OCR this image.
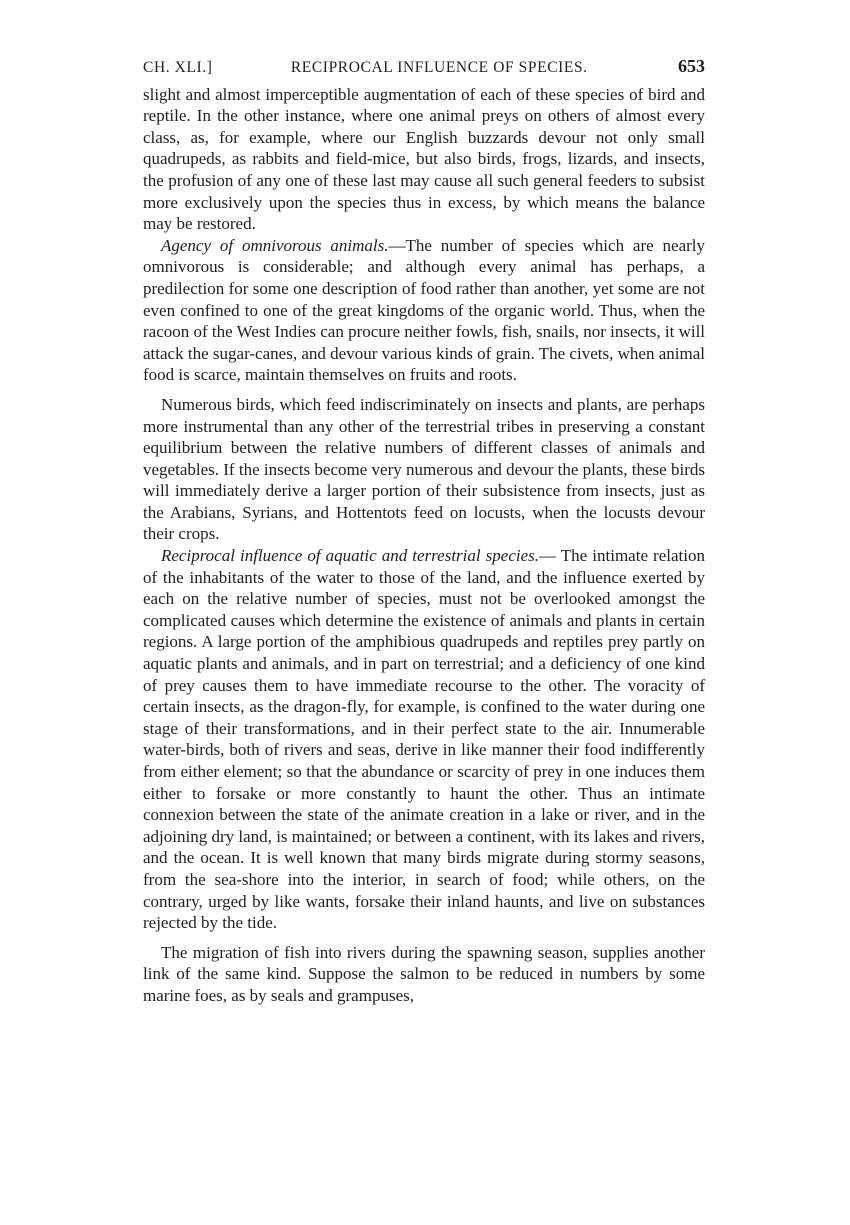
CH. XLI.]	RECIPROCAL INFLUENCE OF SPECIES.	653

slight and almost imperceptible augmentation of each of these species of bird and reptile. In the other instance, where one animal preys on others of almost every class, as, for example, where our English buzzards devour not only small quadrupeds, as rabbits and field-mice, but also birds, frogs, lizards, and insects, the profusion of any one of these last may cause all such general feeders to subsist more exclusively upon the species thus in excess, by which means the balance may be restored.

Agency of omnivorous animals.—The number of species which are nearly omnivorous is considerable; and although every animal has perhaps, a predilection for some one description of food rather than another, yet some are not even confined to one of the great kingdoms of the organic world. Thus, when the racoon of the West Indies can procure neither fowls, fish, snails, nor insects, it will attack the sugar-canes, and devour various kinds of grain. The civets, when animal food is scarce, maintain themselves on fruits and roots.

Numerous birds, which feed indiscriminately on insects and plants, are perhaps more instrumental than any other of the terrestrial tribes in preserving a constant equilibrium between the relative numbers of different classes of animals and vegetables. If the insects become very numerous and devour the plants, these birds will immediately derive a larger portion of their subsistence from insects, just as the Arabians, Syrians, and Hottentots feed on locusts, when the locusts devour their crops.

Reciprocal influence of aquatic and terrestrial species.— The intimate relation of the inhabitants of the water to those of the land, and the influence exerted by each on the relative number of species, must not be overlooked amongst the complicated causes which determine the existence of animals and plants in certain regions. A large portion of the amphibious quadrupeds and reptiles prey partly on aquatic plants and animals, and in part on terrestrial; and a deficiency of one kind of prey causes them to have immediate recourse to the other. The voracity of certain insects, as the dragon-fly, for example, is confined to the water during one stage of their transformations, and in their perfect state to the air. Innumerable water-birds, both of rivers and seas, derive in like manner their food indifferently from either element; so that the abundance or scarcity of prey in one induces them either to forsake or more constantly to haunt the other. Thus an intimate connexion between the state of the animate creation in a lake or river, and in the adjoining dry land, is maintained; or between a continent, with its lakes and rivers, and the ocean. It is well known that many birds migrate during stormy seasons, from the sea-shore into the interior, in search of food; while others, on the contrary, urged by like wants, forsake their inland haunts, and live on substances rejected by the tide.

The migration of fish into rivers during the spawning season, supplies another link of the same kind. Suppose the salmon to be reduced in numbers by some marine foes, as by seals and grampuses,
